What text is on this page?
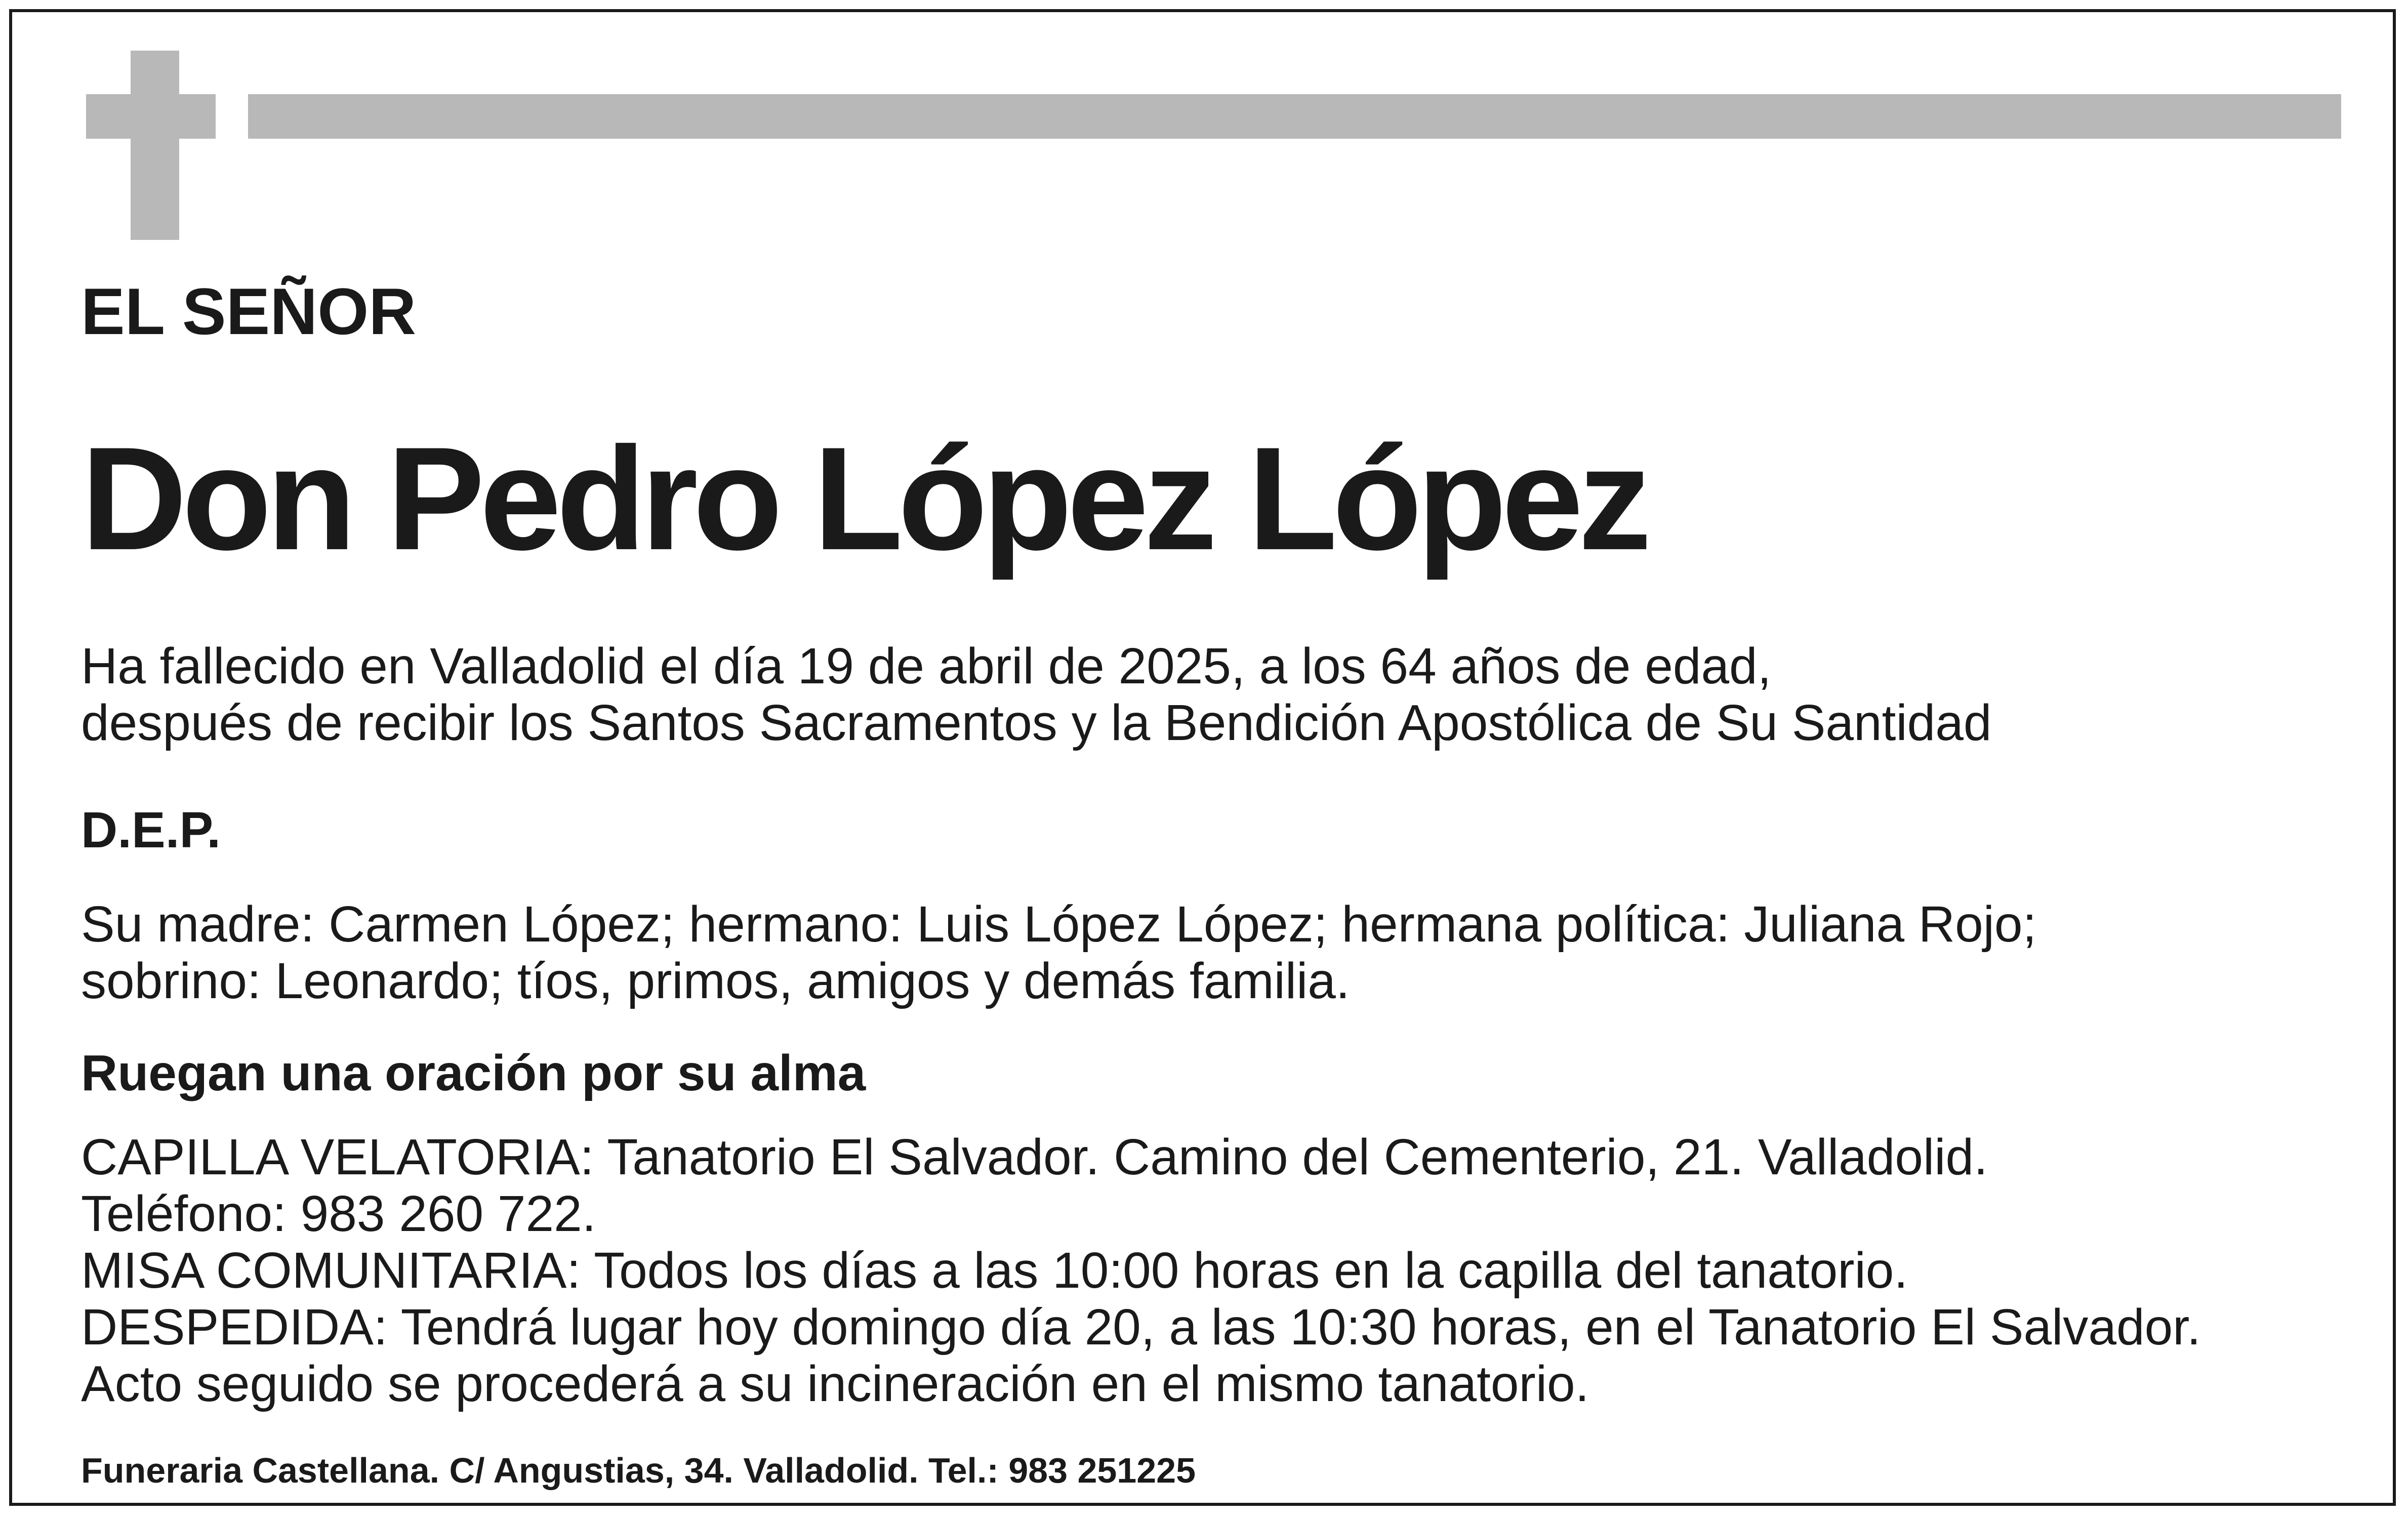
EL SEÑOR

Don Pedro López López
Ha fallecido en Valladolid el día 19 de abril de 2025, a los 64 años de edad,
después de recibir los Santos Sacramentos y la Bendición Apostólica de Su Santidad

D.E.P.

Su madre: Carmen López; hermano: Luis López López; hermana política: Juliana Rojo;
sobrino: Leonardo; tíos, primos, amigos y demás familia.

Ruegan una oración por su alma

CAPILLA VELATORIA: Tanatorio El Salvador. Camino del Cementerio, 21. Valladolid.
Teléfono: 983 260 722.
MISA COMUNITARIA: Todos los días a las 10:00 horas en la capilla del tanatorio.
DESPEDIDA: Tendrá lugar hoy domingo día 20, a las 10:30 horas, en el Tanatorio El Salvador.
Acto seguido se procederá a su incineración en el mismo tanatorio.

Funeraria Castellana. C/ Angustias, 34. Valladolid. Tel.: 983 251225
